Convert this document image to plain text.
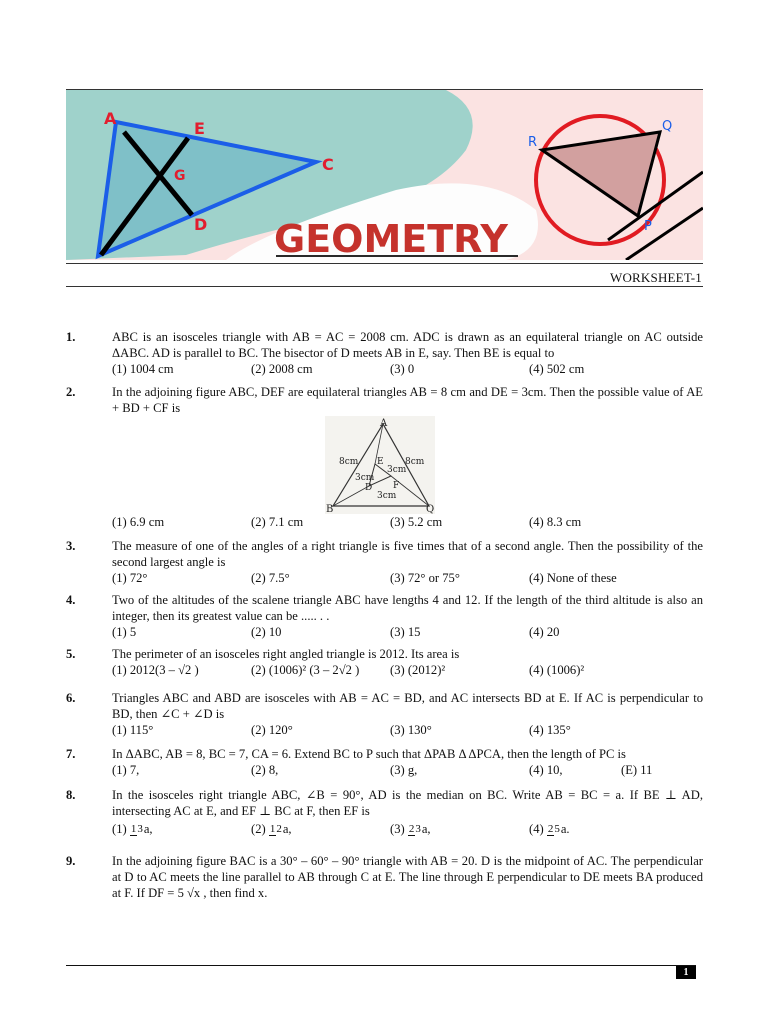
A
E
G
C
D GEOMETRY
R
Q
P
WORKSHEET-1
1.	ABC is an isosceles triangle with AB = AC = 2008 cm. ADC is drawn as an equilateral triangle on AC outside ΔABC. AD is parallel to BC. The bisector of D meets AB in E, say. Then BE is equal to
(1) 1004 cm	(2) 2008 cm	(3) 0	(4) 502 cm
2.	In the adjoining figure ABC, DEF are equilateral triangles AB = 8 cm and DE = 3cm. Then the possible value of AE + BD + CF is
A
B	Q
8cm	8cm
E
3cm
3cm
D F
3cm
(1) 6.9 cm	(2) 7.1 cm	(3) 5.2 cm	(4) 8.3 cm
3.	The measure of one of the angles of a right triangle is five times that of a second angle. Then the possibility of the second largest angle is
(1) 72°	(2) 7.5°	(3) 72° or 75°	(4) None of these
4.	Two of the altitudes of the scalene triangle ABC have lengths 4 and 12. If the length of the third altitude is also an integer, then its greatest value can be ..... . .
(1) 5	(2) 10	(3) 15	(4) 20
5.	The perimeter of an isosceles right angled triangle is 2012. Its area is
(1) 2012(3 – √2 )	(2) (1006)² (3 – 2√2 )	(3) (2012)²	(4) (1006)²
6.	Triangles ABC and ABD are isosceles with AB = AC = BD, and AC intersects BD at E. If AC is perpendicular to BD, then ∠C + ∠D is
(1) 115°	(2) 120°	(3) 130°	(4) 135°
7.	In ΔABC, AB = 8, BC = 7, CA = 6. Extend BC to P such that ΔPAB Δ ΔPCA, then the length of PC is
(1) 7,	(2) 8,	(3) g,	(4) 10,	(E) 11
8.	In the isosceles right triangle ABC, ∠B = 90°, AD is the median on BC. Write AB = BC = a. If BE ⊥ AD, intersecting AC at E, and EF ⊥ BC at F, then EF is
(1) 13a,	(2) 12a,	(3) 23a,	(4) 25a.
9.	In the adjoining figure BAC is a 30° – 60° – 90° triangle with AB = 20. D is the midpoint of AC. The perpendicular at D to AC meets the line parallel to AB through C at E. The line through E perpendicular to DE meets BA produced at F. If DF = 5 √x , then find x.
1
